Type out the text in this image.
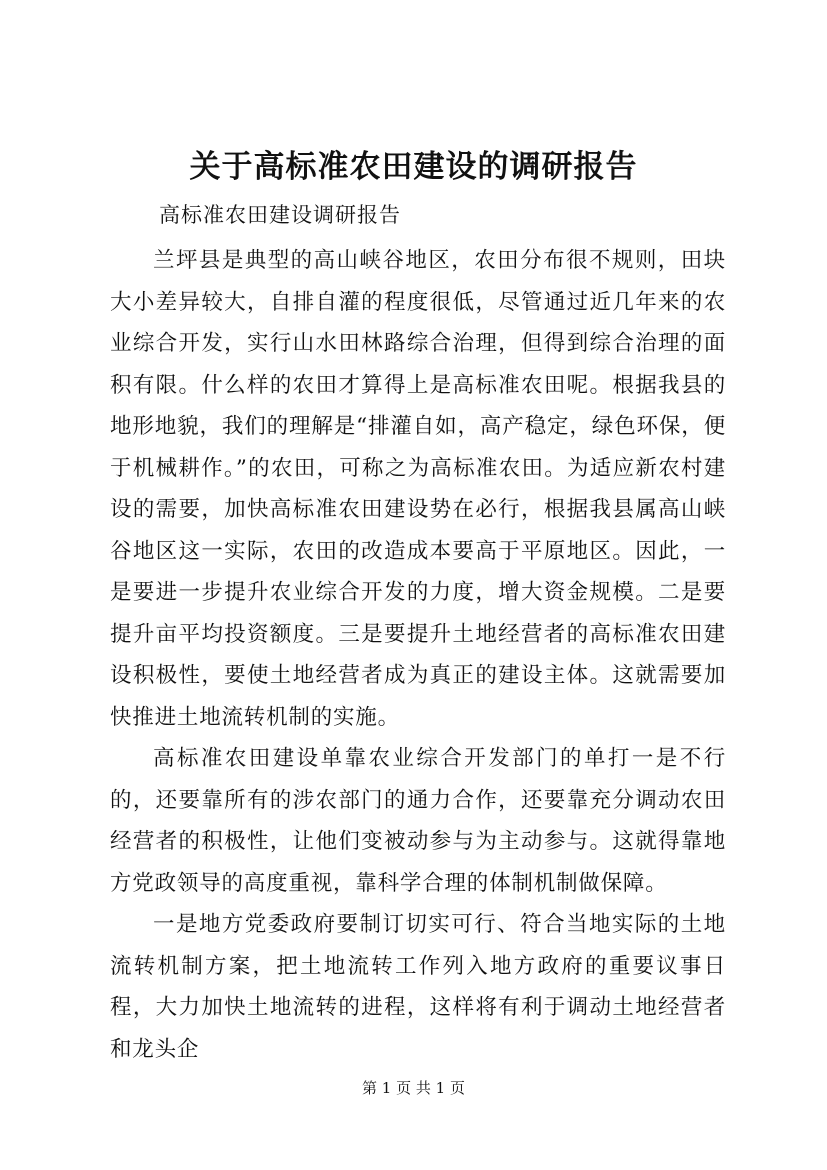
关于高标准农田建设的调研报告
高标准农田建设调研报告

兰坪县是典型的高山峡谷地区，农田分布很不规则，田块大小差异较大，自排自灌的程度很低，尽管通过近几年来的农业综合开发，实行山水田林路综合治理，但得到综合治理的面积有限。什么样的农田才算得上是高标准农田呢。根据我县的地形地貌，我们的理解是“排灌自如，高产稳定，绿色环保，便于机械耕作。”的农田，可称之为高标准农田。为适应新农村建设的需要，加快高标准农田建设势在必行，根据我县属高山峡谷地区这一实际，农田的改造成本要高于平原地区。因此，一是要进一步提升农业综合开发的力度，增大资金规模。二是要提升亩平均投资额度。三是要提升土地经营者的高标准农田建设积极性，要使土地经营者成为真正的建设主体。这就需要加快推进土地流转机制的实施。

高标准农田建设单靠农业综合开发部门的单打一是不行的，还要靠所有的涉农部门的通力合作，还要靠充分调动农田经营者的积极性，让他们变被动参与为主动参与。这就得靠地方党政领导的高度重视，靠科学合理的体制机制做保障。

一是地方党委政府要制订切实可行、符合当地实际的土地流转机制方案，把土地流转工作列入地方政府的重要议事日程，大力加快土地流转的进程，这样将有利于调动土地经营者和龙头企

第 1 页 共 1 页
